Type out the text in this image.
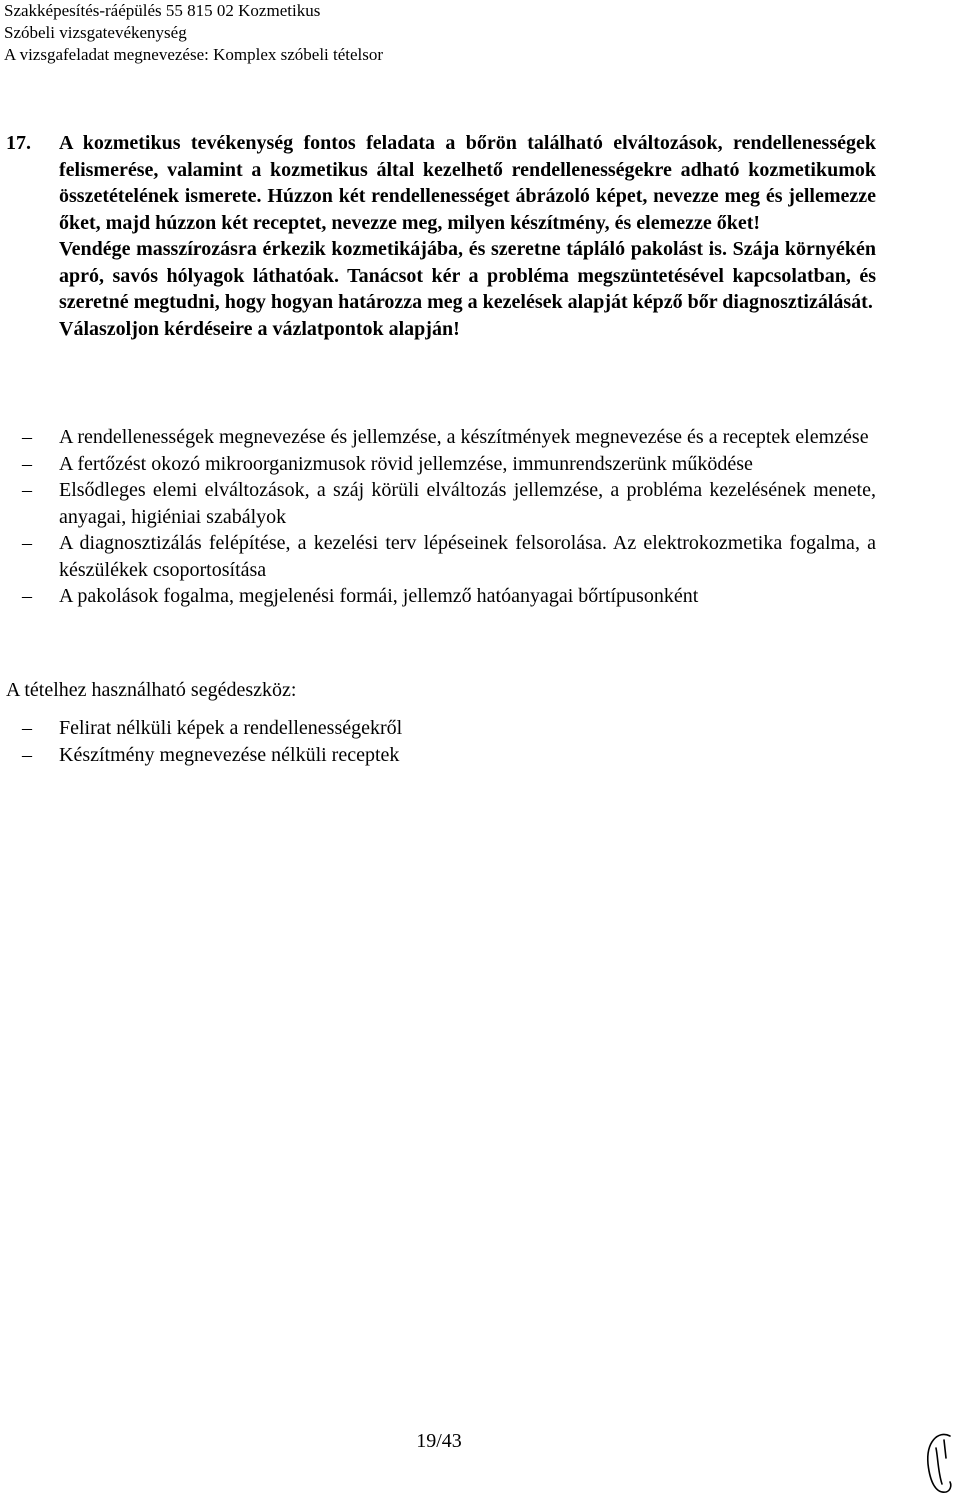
Szakképesítés-ráépülés 55 815 02 Kozmetikus
Szóbeli vizsgatevékenység
A vizsgafeladat megnevezése: Komplex szóbeli tételsor
17. A kozmetikus tevékenység fontos feladata a bőrön található elváltozások, rendellenességek felismerése, valamint a kozmetikus által kezelhető rendellenességekre adható kozmetikumok összetételének ismerete. Húzzon két rendellenességet ábrázoló képet, nevezze meg és jellemezze őket, majd húzzon két receptet, nevezze meg, milyen készítmény, és elemezze őket!

Vendége masszírozásra érkezik kozmetikájába, és szeretne tápláló pakolást is. Szája környékén apró, savós hólyagok láthatóak. Tanácsot kér a probléma megszüntetésével kapcsolatban, és szeretné megtudni, hogy hogyan határozza meg a kezelések alapját képző bőr diagnosztizálását.

Válaszoljon kérdéseire a vázlatpontok alapján!

– A rendellenességek megnevezése és jellemzése, a készítmények megnevezése és a receptek elemzése
– A fertőzést okozó mikroorganizmusok rövid jellemzése, immunrendszerünk működése
– Elsődleges elemi elváltozások, a száj körüli elváltozás jellemzése, a probléma kezelésének menete, anyagai, higiéniai szabályok
– A diagnosztizálás felépítése, a kezelési terv lépéseinek felsorolása. Az elektrokozmetika fogalma, a készülékek csoportosítása
– A pakolások fogalma, megjelenési formái, jellemző hatóanyagai bőrtípusonként
A tételhez használható segédeszköz:
– Felirat nélküli képek a rendellenességekről
– Készítmény megnevezése nélküli receptek
19/43
